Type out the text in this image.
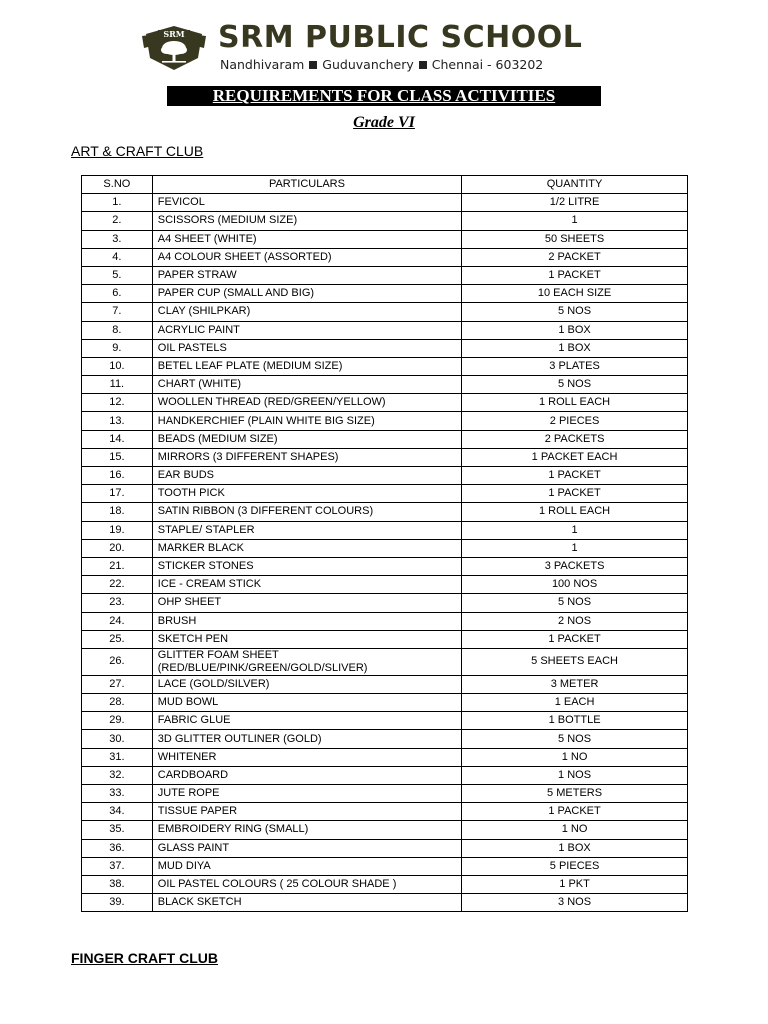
SRM SRM PUBLIC SCHOOL
Nandhivaram Guduvanchery Chennai - 603202
REQUIREMENTS FOR CLASS ACTIVITIES
Grade VI
ART & CRAFT CLUB
S.NO	PARTICULARS	QUANTITY
1.	FEVICOL	1/2 LITRE
2.	SCISSORS (MEDIUM SIZE)	1
3.	A4 SHEET (WHITE)	50 SHEETS
4.	A4 COLOUR SHEET (ASSORTED)	2 PACKET
5.	PAPER STRAW	1 PACKET
6.	PAPER CUP (SMALL AND BIG)	10 EACH SIZE
7.	CLAY (SHILPKAR)	5 NOS
8.	ACRYLIC PAINT	1 BOX
9.	OIL PASTELS	1 BOX
10.	BETEL LEAF PLATE (MEDIUM SIZE)	3 PLATES
11.	CHART (WHITE)	5 NOS
12.	WOOLLEN THREAD (RED/GREEN/YELLOW)	1 ROLL EACH
13.	HANDKERCHIEF (PLAIN WHITE BIG SIZE)	2 PIECES
14.	BEADS (MEDIUM SIZE)	2 PACKETS
15.	MIRRORS (3 DIFFERENT SHAPES)	1 PACKET EACH
16.	EAR BUDS	1 PACKET
17.	TOOTH PICK	1 PACKET
18.	SATIN RIBBON (3 DIFFERENT COLOURS)	1 ROLL EACH
19.	STAPLE/ STAPLER	1
20.	MARKER BLACK	1
21.	STICKER STONES	3 PACKETS
22.	ICE - CREAM STICK	100 NOS
23.	OHP SHEET	5 NOS
24.	BRUSH	2 NOS
25.	SKETCH PEN	1 PACKET
26.	GLITTER FOAM SHEET
(RED/BLUE/PINK/GREEN/GOLD/SLIVER)	5 SHEETS EACH
27.	LACE (GOLD/SILVER)	3 METER
28.	MUD BOWL	1 EACH
29.	FABRIC GLUE	1 BOTTLE
30.	3D GLITTER OUTLINER (GOLD)	5 NOS
31.	WHITENER	1 NO
32.	CARDBOARD	1 NOS
33.	JUTE ROPE	5 METERS
34.	TISSUE PAPER	1 PACKET
35.	EMBROIDERY RING (SMALL)	1 NO
36.	GLASS PAINT	1 BOX
37.	MUD DIYA	5 PIECES
38.	OIL PASTEL COLOURS ( 25 COLOUR SHADE )	1 PKT
39.	BLACK SKETCH	3 NOS
FINGER CRAFT CLUB
